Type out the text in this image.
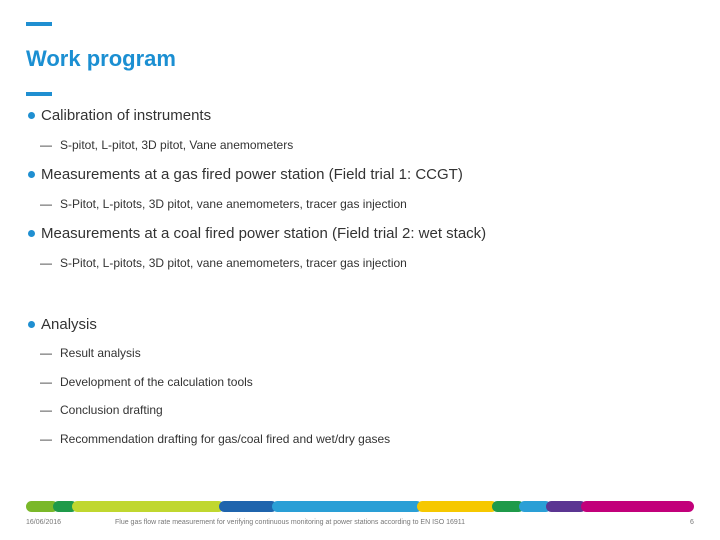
Work program
Calibration of instruments
— S-pitot, L-pitot, 3D pitot, Vane anemometers
Measurements at a gas fired power station (Field trial 1: CCGT)
— S-Pitot, L-pitots, 3D pitot, vane anemometers, tracer gas injection
Measurements at a coal fired power station (Field trial 2: wet stack)
— S-Pitot, L-pitots, 3D pitot, vane anemometers, tracer gas injection
Analysis
— Result analysis
— Development of the calculation tools
— Conclusion drafting
— Recommendation drafting for gas/coal fired and wet/dry gases
16/06/2016	Flue gas flow rate measurement for verifying continuous monitoring at power stations according to EN ISO 16911	6
